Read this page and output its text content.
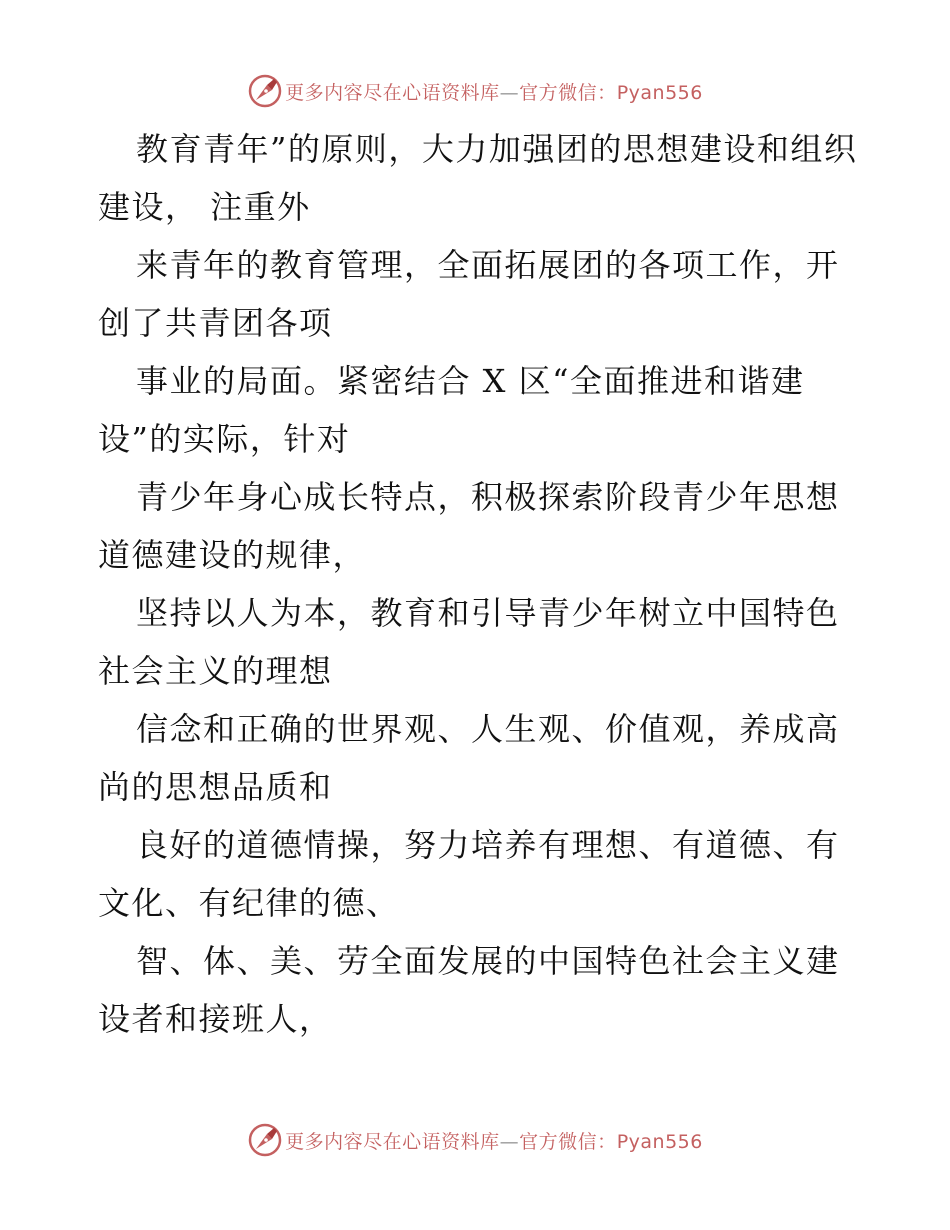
更多内容尽在心语资料库—官方微信：Pyan556

教育青年”的原则，大力加强团的思想建设和组织建设， 注重外

来青年的教育管理，全面拓展团的各项工作，开创了共青团各项

事业的局面。紧密结合 X 区“全面推进和谐建设”的实际，针对

青少年身心成长特点，积极探索阶段青少年思想道德建设的规律，

坚持以人为本，教育和引导青少年树立中国特色社会主义的理想

信念和正确的世界观、人生观、价值观，养成高尚的思想品质和

良好的道德情操，努力培养有理想、有道德、有文化、有纪律的德、

智、体、美、劳全面发展的中国特色社会主义建设者和接班人，

更多内容尽在心语资料库—官方微信：Pyan556
